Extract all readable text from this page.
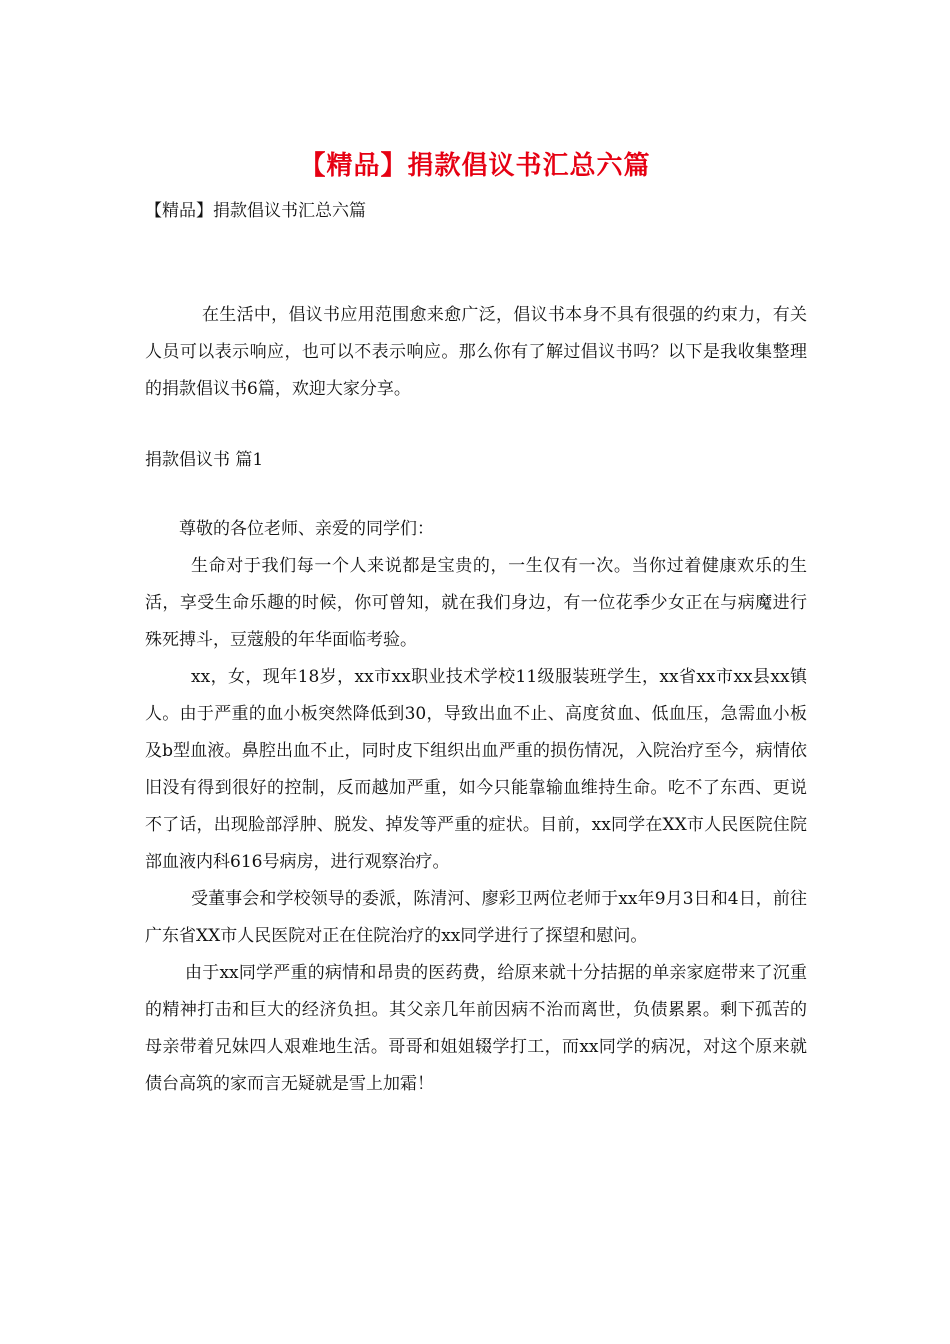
【精品】捐款倡议书汇总六篇
【精品】捐款倡议书汇总六篇

在生活中，倡议书应用范围愈来愈广泛，倡议书本身不具有很强的约束力，有关人员可以表示响应，也可以不表示响应。那么你有了解过倡议书吗？以下是我收集整理的捐款倡议书6篇，欢迎大家分享。

捐款倡议书 篇1

尊敬的各位老师、亲爱的同学们：

生命对于我们每一个人来说都是宝贵的，一生仅有一次。当你过着健康欢乐的生活，享受生命乐趣的时候，你可曾知，就在我们身边，有一位花季少女正在与病魔进行殊死搏斗，豆蔻般的年华面临考验。

xx，女，现年18岁，xx市xx职业技术学校11级服装班学生，xx省xx市xx县xx镇人。由于严重的血小板突然降低到30，导致出血不止、高度贫血、低血压，急需血小板及b型血液。鼻腔出血不止，同时皮下组织出血严重的损伤情况，入院治疗至今，病情依旧没有得到很好的控制，反而越加严重，如今只能靠输血维持生命。吃不了东西、更说不了话，出现脸部浮肿、脱发、掉发等严重的症状。目前，xx同学在XX市人民医院住院部血液内科616号病房，进行观察治疗。

受董事会和学校领导的委派，陈清河、廖彩卫两位老师于xx年9月3日和4日，前往广东省XX市人民医院对正在住院治疗的xx同学进行了探望和慰问。

由于xx同学严重的病情和昂贵的医药费，给原来就十分拮据的单亲家庭带来了沉重的精神打击和巨大的经济负担。其父亲几年前因病不治而离世，负债累累。剩下孤苦的母亲带着兄妹四人艰难地生活。哥哥和姐姐辍学打工，而xx同学的病况，对这个原来就债台高筑的家而言无疑就是雪上加霜！
